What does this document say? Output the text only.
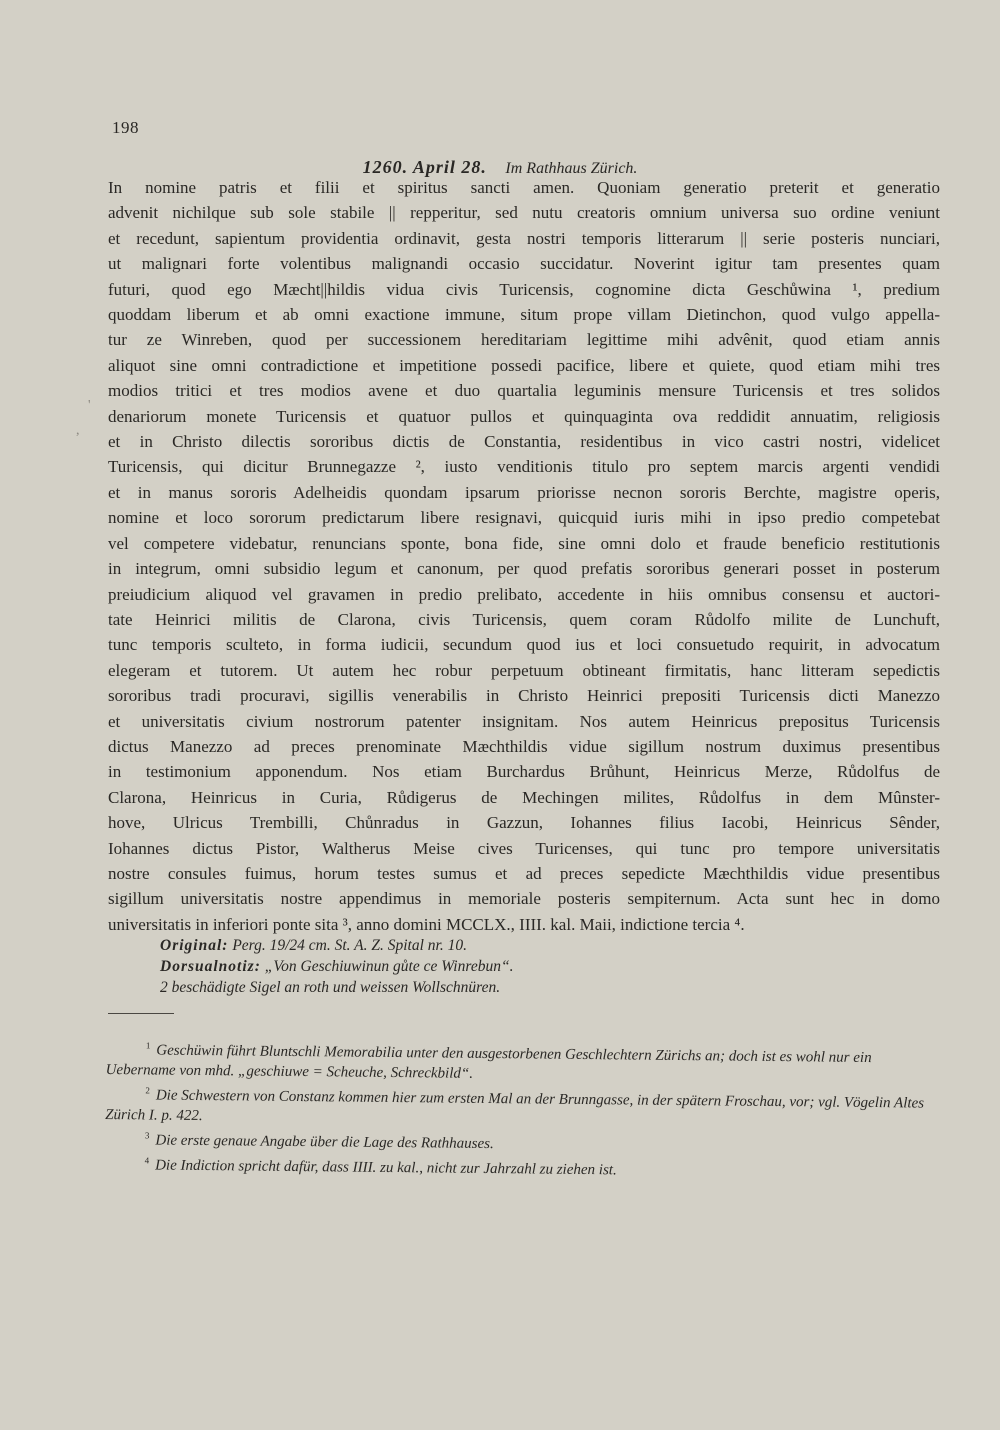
198
1260. April 28. Im Rathhaus Zürich.

In nomine patris et filii et spiritus sancti amen. Quoniam generatio preterit et generatio
advenit nichilque sub sole stabile || repperitur, sed nutu creatoris omnium universa suo ordine veniunt
et recedunt, sapientum providentia ordinavit, gesta nostri temporis litterarum || serie posteris nunciari,
ut malignari forte volentibus malignandi occasio succidatur. Noverint igitur tam presentes quam
futuri, quod ego Mæcht||hildis vidua civis Turicensis, cognomine dicta Geschůwina ¹, predium
quoddam liberum et ab omni exactione immune, situm prope villam Dietinchon, quod vulgo appella-
tur ze Winreben, quod per successionem hereditariam legittime mihi advênit, quod etiam annis
aliquot sine omni contradictione et impetitione possedi pacifice, libere et quiete, quod etiam mihi tres
modios tritici et tres modios avene et duo quartalia leguminis mensure Turicensis et tres solidos
denariorum monete Turicensis et quatuor pullos et quinquaginta ova reddidit annuatim, religiosis
et in Christo dilectis sororibus dictis de Constantia, residentibus in vico castri nostri, videlicet
Turicensis, qui dicitur Brunnegazze ², iusto venditionis titulo pro septem marcis argenti vendidi
et in manus sororis Adelheidis quondam ipsarum priorisse necnon sororis Berchte, magistre operis,
nomine et loco sororum predictarum libere resignavi, quicquid iuris mihi in ipso predio competebat
vel competere videbatur, renuncians sponte, bona fide, sine omni dolo et fraude beneficio restitutionis
in integrum, omni subsidio legum et canonum, per quod prefatis sororibus generari posset in posterum
preiudicium aliquod vel gravamen in predio prelibato, accedente in hiis omnibus consensu et auctori-
tate Heinrici militis de Clarona, civis Turicensis, quem coram Růdolfo milite de Lunchuft,
tunc temporis sculteto, in forma iudicii, secundum quod ius et loci consuetudo requirit, in advocatum
elegeram et tutorem. Ut autem hec robur perpetuum obtineant firmitatis, hanc litteram sepedictis
sororibus tradi procuravi, sigillis venerabilis in Christo Heinrici prepositi Turicensis dicti Manezzo
et universitatis civium nostrorum patenter insignitam. Nos autem Heinricus prepositus Turicensis
dictus Manezzo ad preces prenominate Mæchthildis vidue sigillum nostrum duximus presentibus
in testimonium apponendum. Nos etiam Burchardus Brůhunt, Heinricus Merze, Růdolfus de
Clarona, Heinricus in Curia, Růdigerus de Mechingen milites, Růdolfus in dem Mûnster-
hove, Ulricus Trembilli, Chůnradus in Gazzun, Iohannes filius Iacobi, Heinricus Sênder,
Iohannes dictus Pistor, Waltherus Meise cives Turicenses, qui tunc pro tempore universitatis
nostre consules fuimus, horum testes sumus et ad preces sepedicte Mæchthildis vidue presentibus
sigillum universitatis nostre appendimus in memoriale posteris sempiternum. Acta sunt hec in domo
universitatis in inferiori ponte sita ³, anno domini MCCLX., IIII. kal. Maii, indictione tercia ⁴.

Original: Perg. 19/24 cm. St. A. Z. Spital nr. 10.
Dorsualnotiz: „Von Geschiuwinun gůte ce Winrebun“.
2 beschädigte Sigel an roth und weissen Wollschnüren.
$^1$ Geschüwin führt Bluntschli Memorabilia unter den ausgestorbenen Geschlechtern Zürichs an; doch ist es wohl nur ein Uebername von mhd. „geschiuwe = Scheuche, Schreckbild“.
$^2$ Die Schwestern von Constanz kommen hier zum ersten Mal an der Brunngasse, in der spätern Froschau, vor; vgl. Vögelin Altes Zürich I. p. 422.
$^3$ Die erste genaue Angabe über die Lage des Rathhauses.
$^4$ Die Indiction spricht dafür, dass IIII. zu kal., nicht zur Jahrzahl zu ziehen ist.
'
,
